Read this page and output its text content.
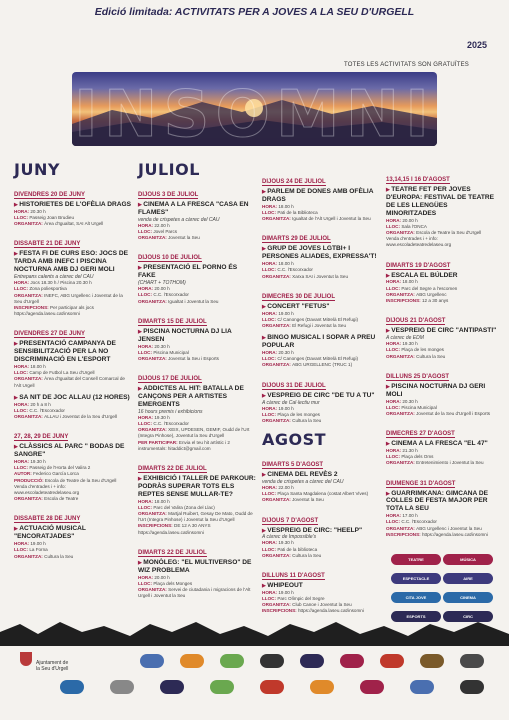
Edició limitada: ACTIVITATS PER A JOVES A LA SEU D'URGELL
2025
TOTES LES ACTIVITATS SON GRATUÏTES
INSOMNI
JUNY
DIVENDRES 20 DE JUNY

▶ HISTORIETES DE L'OFÈLIA DRAGS
HORA: 20.30 h
LLOC: Passeig Joan Brudieu
ORGANITZA: Àrea d'Igualtat, SAI Alt Urgell
DISSABTE 21 DE JUNY

▶ FESTA FI DE CURS ESO: JOCS DE TARDA AMB INEFC I PISCINA NOCTURNA AMB DJ GERI MOLI
Entrepans calents a càrrec del CAU
HORA: Jocs 18.30 h / Piscina 20.30 h
LLOC: Zona poliesportiva
ORGANITZA: INEFC, ABG Urgellenc i Joventut de la Seu d'Urgell
INSCRIPCIONS: Per participar als jocs
https://agenda.laseu.cat/insomni
DIVENDRES 27 DE JUNY

▶ PRESENTACIÓ CAMPANYA DE SENSIBILITZACIÓ PER LA NO DISCRIMINACIÓ EN L'ESPORT
HORA: 18.00 h
LLOC: Camp de Futbol La Seu d'Urgell
ORGANITZA: Àrea d'Igualtat del Consell Comarcal de l'Alt Urgell
▶ SA NIT DE JOC ALLAU (12 HORES)
HORA: 20 h a 8 h
LLOC: C.C. l'Escorxador
ORGANITZA: ALLAU i Joventut de la Seu d'Urgell
27, 28, 29 DE JUNY

▶ CLÀSSICS AL PARC " BODAS DE SANGRE"
HORA: 19.30 h
LLOC: Passeig de l'Horta del Valira 2
AUTOR: Federico García Lorca
PRODUCCIÓ: Escola de Teatre de la Seu d'Urgell
Venda d'entrades i + info: www.escoladeteatredelaseu.org
ORGANITZA: Escola de Teatre
DISSABTE 28 DE JUNY

▶ ACTUACIÓ MUSICAL "ENCORATJADES"
HORA: 19.00 h
LLOC: La Forna
ORGANITZA: Cultura la Seu
JULIOL
DIJOUS 3 DE JULIOL

▶ CINEMA A LA FRESCA "CASA EN FLAMES"
venda de crispetes a càrrec del CAU
HORA: 22.00 h
LLOC: Jovel Parcs
ORGANITZA: Joventut la Seu
DIJOUS 10 DE JULIOL

▶ PRESENTACIÓ EL PORNO ÉS FAKE
(CHART + TOTHOM)
HORA: 20.00 h
LLOC: C.C. l'Escorxador
ORGANITZA: Igualtat i Joventut la Seu
DIMARTS 15 DE JULIOL

▶ PISCINA NOCTURNA DJ LIA JENSEN
HORA: 20.30 h
LLOC: Piscina Municipal
ORGANITZA: Joventut la Seu i Esports
DIJOUS 17 DE JULIOL

▶ ADDICTES AL HIT: BATALLA DE CANÇONS PER A ARTISTES EMERGENTS
16 hours premis i exhibicions
HORA: 19.30 h
LLOC: C.C. l'Escorxador
ORGANITZA: XEIX, UPDESEN, GEMIF, Oudd de l'Urt (Integra Pinhose), Joventut la Seu d'Urgell
PER PARTICIPAR: Envia el teu hit artístic i 2 instrumentals: hitaddict@gmail.com
DIMARTS 22 DE JULIOL

▶ EXHIBICIÓ I TALLER DE PARKOUR: PODRÀS SUPERAR TOTS ELS REPTES SENSE MULLAR-TE?
HORA: 18.00 h
LLOC: Parc del Valira (Zona del Llac)
ORGANITZA: Martjal Ruibert, Gesay De Mato, Oudd de l'Urt (Integra Pinhose) i Joventut la Seu d'Urgell
INSCRIPCIONS: DE 12 A 30 ANYS
https://agenda.laseu.cat/insomni
DIMARTS 22 DE JULIOL

▶ MONÒLEG: "EL MULTIVERSO" DE WIZ PROBLEMA
HORA: 20.00 h
LLOC: Plaça dels Monges
ORGANITZA: Servei de ciutadania i migracions de l'Alt Urgell i Joventut la Seu
DIJOUS 24 DE JULIOL

▶ PARLEM DE DONES AMB OFÈLIA DRAGS
HORA: 18.00 h
LLOC: Pati de la Biblioteca
ORGANITZA: Igualtat de l'Alt Urgell i Joventut la Seu
DIMARTS 29 DE JULIOL

▶ GRUP DE JOVES LGTBI+ I PERSONES ALIADES, EXPRESSA'T!
HORA: 18.00 h
LLOC: C.C. l'Escorxador
ORGANITZA: Xarxa SAI i Joventut la Seu
DIMECRES 30 DE JULIOL

▶ CONCERT "FETUS"
HORA: 19.00 h
LLOC: C/ Canonges (Davant Mitrelà El Refugi)
ORGANITZA: El Refugi i Joventut la Seu
▶ BINGO MUSICAL I SOPAR A PREU POPULAR
HORA: 20.30 h
LLOC: C/ Canonges (Davant Mitrelà El Refugi)
ORGANITZA: ABG URGELLENC (TRUC 1)
DIJOUS 31 DE JULIOL

▶ VESPREIG DE CIRC "DE TU A TU"
A càrrec de Cal·lectiu mur
HORA: 19.00 h
LLOC: Plaça de les monges
ORGANITZA: Cultura la Seu
AGOST
DIMARTS 5 D'AGOST

▶ CINEMA DEL REVÈS 2
venda de crispetes a càrrec del CAU
HORA: 22.00 h
LLOC: Plaça Santa Magdalena (costat Albert Vives)
ORGANITZA: Joventut la Seu
DIJOUS 7 D'AGOST

▶ VESPREIG DE CIRC: "HEELP"
A càrrec de Impossible's
HORA: 19.30 h
LLOC: Pati de la biblioteca
ORGANITZA: Cultura la Seu
DILLUNS 11 D'AGOST

▶ WHIPEOUT
HORA: 19.00 h
LLOC: Parc Olímpic del Segre
ORGANITZA: Club Canoe i Joventut la Seu
INSCRIPCIONS: https://agenda.laseu.cat/insomni
13,14,15 I 16 D'AGOST

▶ TEATRE FET PER JOVES D'EUROPA: FESTIVAL DE TEATRE DE LES LLENGÜES MINORITZADES
HORA: 20.00 h
LLOC: Sala l'ONCA
ORGANITZA: Escola de Teatre la Seu d'Urgell
Venda d'entrades i + info: www.escoladeteatredelaseu.org
DIMARTS 19 D'AGOST

▶ ESCALA EL BÚLDER
HORA: 18.00 h
LLOC: Parc del Segre a l'escomen
ORGANITZA: ABG Urgellenc
INSCRIPCIONS: 12 a 30 anys
DIJOUS 21 D'AGOST

▶ VESPREIG DE CIRC "ANTIPASTI"
A càrrec de EDM
HORA: 19.30 h
LLOC: Plaça de les monges
ORGANITZA: Cultura la Seu
DILLUNS 25 D'AGOST

▶ PISCINA NOCTURNA DJ GERI MOLI
HORA: 20.30 h
LLOC: Piscina Municipal
ORGANITZA: Joventut de la Seu d'Urgell i Esports
DIMECRES 27 D'AGOST

▶ CINEMA A LA FRESCA "EL 47"
HORA: 21.30 h
LLOC: Plaça dels Oms
ORGANITZA: Entretenimiento i Joventut la Seu
DIUMENGE 31 D'AGOST

▶ GUARRIMKANA: GIMCANA DE COLLES DE FESTA MAJOR PER TOTA LA SEU
HORA: 17.00 h
LLOC: C.C. l'Escorxador
ORGANITZA: ABG Urgellenc i Joventut la Seu
INSCRIPCIONS: https://agenda.laseu.cat/insomni
TEATRE	MÚSICAESPECTACLE	AIRECITA JOVE	CINEMAESPORTS	CIRC
Ajuntament de
la Seu d'Urgell
